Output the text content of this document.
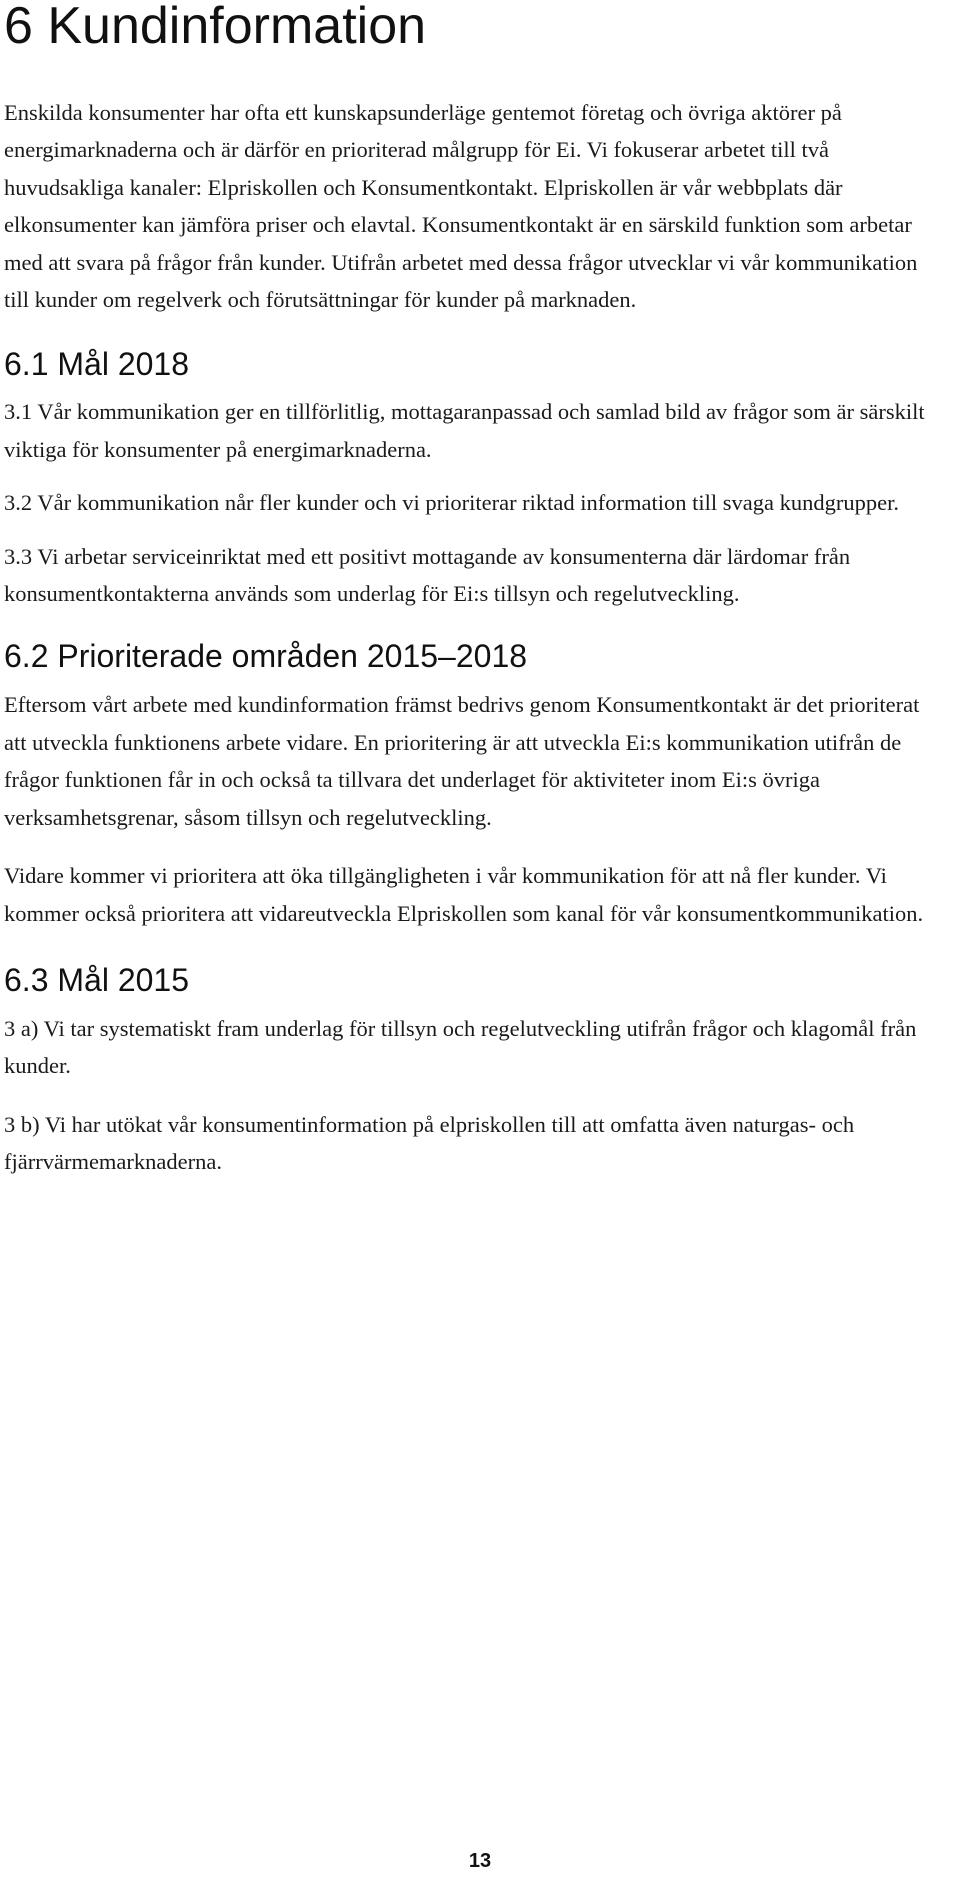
6 Kundinformation

Enskilda konsumenter har ofta ett kunskapsunderläge gentemot företag och övriga aktörer på energimarknaderna och är därför en prioriterad målgrupp för Ei. Vi fokuserar arbetet till två huvudsakliga kanaler: Elpriskollen och Konsumentkontakt. Elpriskollen är vår webbplats där elkonsumenter kan jämföra priser och elavtal. Konsumentkontakt är en särskild funktion som arbetar med att svara på frågor från kunder. Utifrån arbetet med dessa frågor utvecklar vi vår kommunikation till kunder om regelverk och förutsättningar för kunder på marknaden.

6.1 Mål 2018

3.1 Vår kommunikation ger en tillförlitlig, mottagaranpassad och samlad bild av frågor som är särskilt viktiga för konsumenter på energimarknaderna.

3.2 Vår kommunikation når fler kunder och vi prioriterar riktad information till svaga kundgrupper.

3.3 Vi arbetar serviceinriktat med ett positivt mottagande av konsumenterna där lärdomar från konsumentkontakterna används som underlag för Ei:s tillsyn och regelutveckling.

6.2 Prioriterade områden 2015–2018

Eftersom vårt arbete med kundinformation främst bedrivs genom Konsumentkontakt är det prioriterat att utveckla funktionens arbete vidare. En prioritering är att utveckla Ei:s kommunikation utifrån de frågor funktionen får in och också ta tillvara det underlaget för aktiviteter inom Ei:s övriga verksamhetsgrenar, såsom tillsyn och regelutveckling.

Vidare kommer vi prioritera att öka tillgängligheten i vår kommunikation för att nå fler kunder. Vi kommer också prioritera att vidareutveckla Elpriskollen som kanal för vår konsumentkommunikation.

6.3 Mål 2015

3 a) Vi tar systematiskt fram underlag för tillsyn och regelutveckling utifrån frågor och klagomål från kunder.

3 b) Vi har utökat vår konsumentinformation på elpriskollen till att omfatta även naturgas- och fjärrvärmemarknaderna.

13
